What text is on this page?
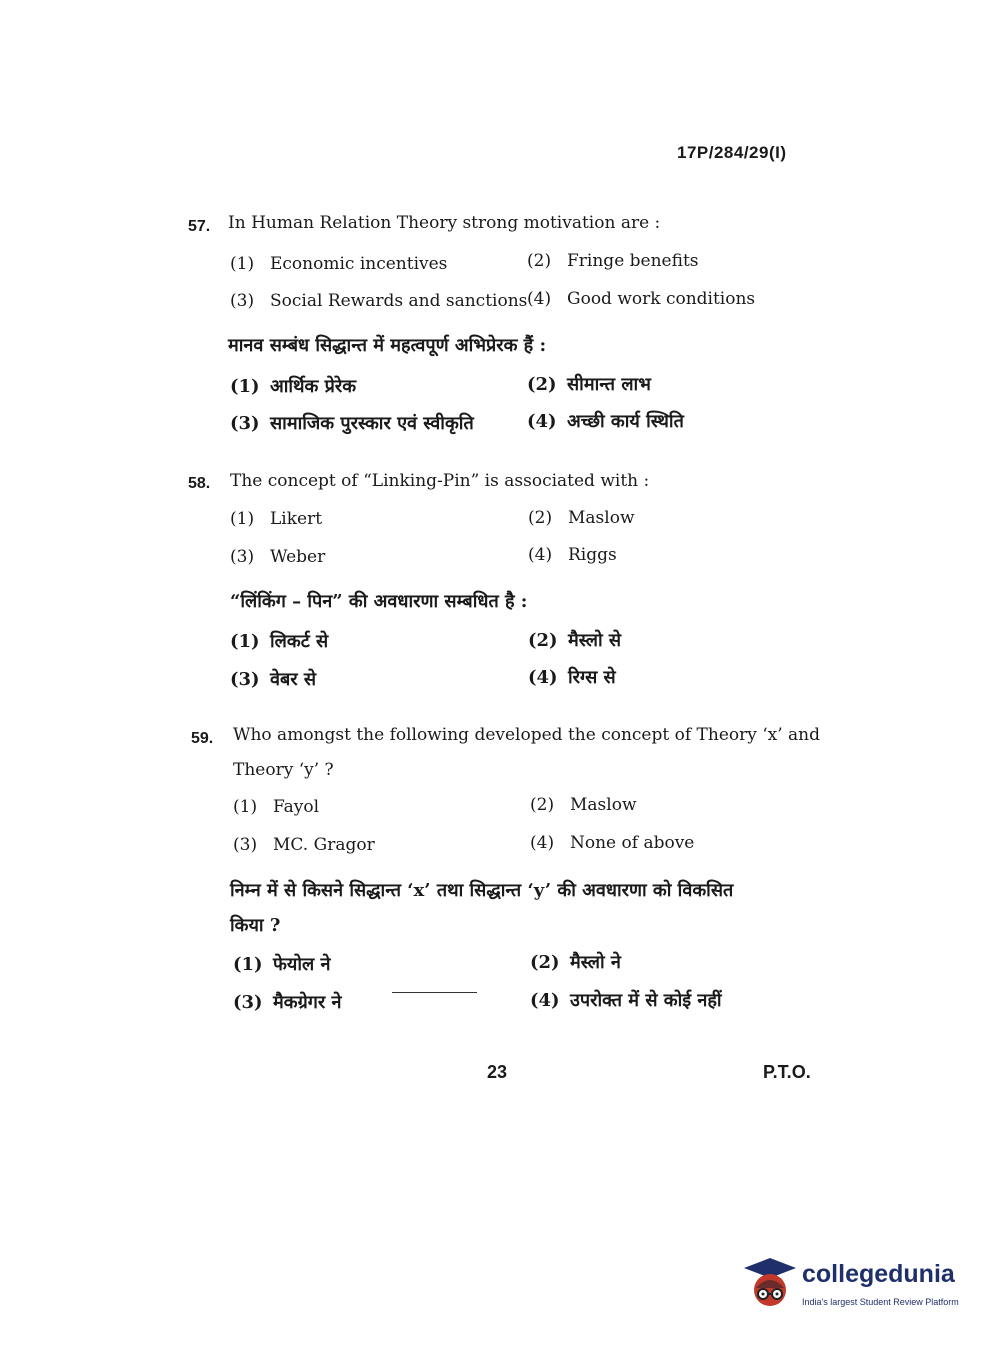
17P/284/29(I)
57. In Human Relation Theory strong motivation are :
(1) Economic incentives	(2) Fringe benefits
(3) Social Rewards and sanctions (4) Good work conditions
मानव सम्बंध सिद्धान्त में महत्वपूर्ण अभिप्रेरक हैं :
(1) आर्थिक प्रेरेक	(2) सीमान्त लाभ
(3) सामाजिक पुरस्कार एवं स्वीकृति	(4) अच्छी कार्य स्थिति
58. The concept of “Linking-Pin” is associated with :
(1) Likert	(2) Maslow
(3) Weber	(4) Riggs
“लिंकिंग – पिन” की अवधारणा सम्बधित है :
(1) लिकर्ट से	(2) मैस्लो से
(3) वेबर से	(4) रिग्स से
59. Who amongst the following developed the concept of Theory ‘x’ and
Theory ‘y’ ?
(1) Fayol	(2) Maslow
(3) MC. Gragor	(4) None of above
निम्न में से किसने सिद्धान्त ‘x’ तथा सिद्धान्त ‘y’ की अवधारणा को विकसित
किया ?
(1) फेयोल ने	(2) मैस्लो ने
(3) मैकग्रेगर ने	(4) उपरोक्त में से कोई नहीं
23	P.T.O.
collegedunia
India's largest Student Review Platform
